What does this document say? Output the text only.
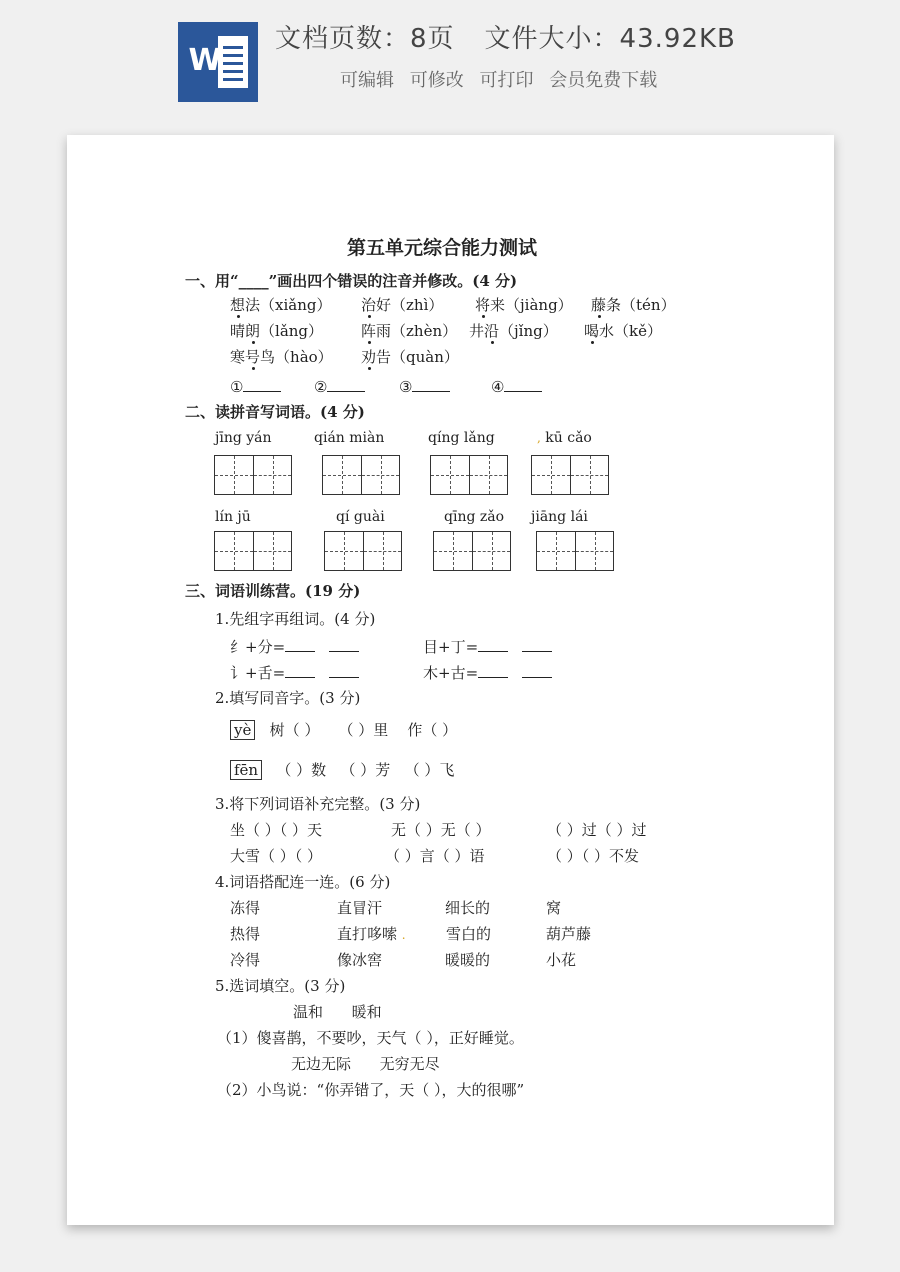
W
文档页数：8页 文件大小：43.92KB
可编辑 可修改 可打印 会员免费下载
第五单元综合能力测试
一、用“____”画出四个错误的注音并修改。(4 分)
想法（xiǎng） 治好（zhì） 将来（jiàng） 藤条（tén）
晴朗（lǎng）	阵雨（zhèn） 井沿（jǐng） 喝水（kě）
寒号鸟（hào） 劝告（quàn）
①	②	③	④
二、读拼音写词语。(4 分)
jīng yán	qián miàn	qíng lǎng	, kū cǎo
lín jū	qí guài	qīng zǎo jiāng lái
三、词语训练营。(19 分)
1.先组字再组词。(4 分)
纟+分=	目+丁=
讠+舌=	木+古=
2.填写同音字。(3 分)
yè 树（ ） （ ）里 作（ ）
fēn （ ）数 （ ）芳 （ ）飞
3.将下列词语补充完整。(3 分)
坐（ ）（ ）天	无（ ）无（ ）	（ ）过（ ）过
大雪（ ）（ ）	（ ）言（ ）语	（ ）（ ）不发
4.词语搭配连一连。(6 分)
冻得	直冒汗	细长的	窝
热得	直打哆嗦 .	雪白的	葫芦藤
冷得	像冰窖	暖暖的	小花
5.选词填空。(3 分)
温和 暖和
（1）傻喜鹊，不要吵，天气（ ），正好睡觉。
无边无际 无穷无尽
（2）小鸟说：“你弄错了，天（ ），大的很哪”
